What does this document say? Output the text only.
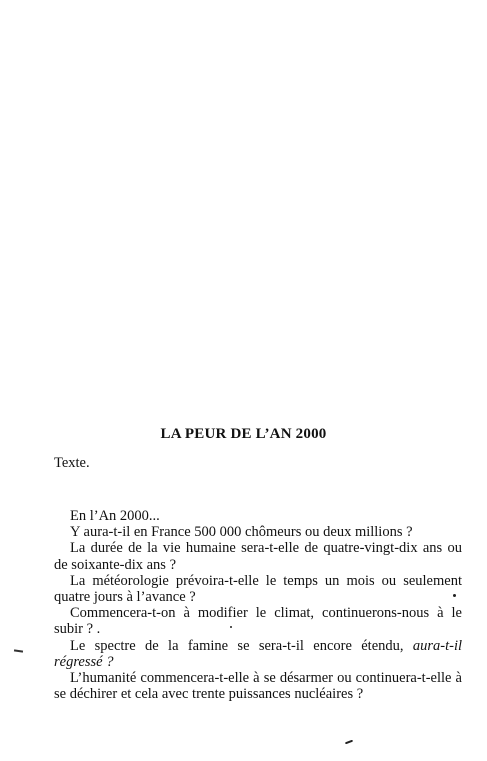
LA PEUR DE L’AN 2000

Texte.

En l’An 2000...

Y aura-t-il en France 500 000 chômeurs ou deux millions ?

La durée de la vie humaine sera-t-elle de quatre-vingt-dix ans ou de soixante-dix ans ?

La météorologie prévoira-t-elle le temps un mois ou seulement quatre jours à l’avance ?

Commencera-t-on à modifier le climat, continuerons-nous à le subir ? .

Le spectre de la famine se sera-t-il encore étendu, aura-t-il régressé ?

L’humanité commencera-t-elle à se désarmer ou continuera-t-elle à se déchirer et cela avec trente puissances nucléaires ?
